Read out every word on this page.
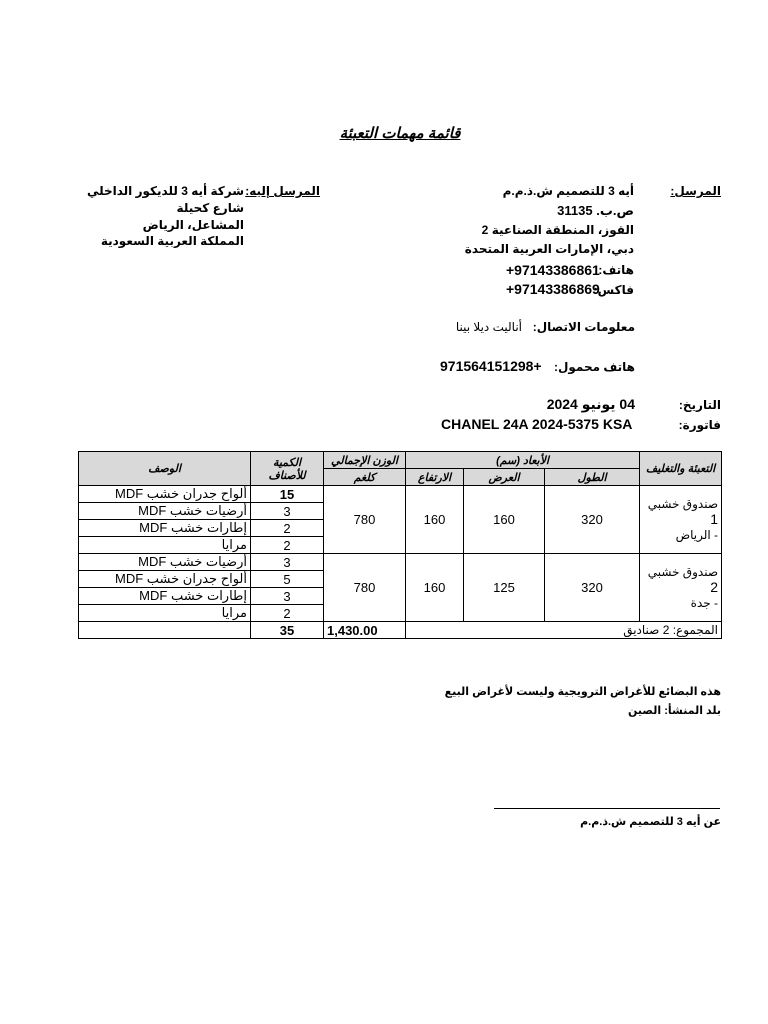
قائمة مهمات التعبئة
المرسل:
أيه 3 للتصميم ش.ذ.م.م
ص.ب. 31135
القوز، المنطقة الصناعية 2
دبي، الإمارات العربية المتحدة
هاتف:
+97143386861
فاكس:
+97143386869
المرسل إليه:
شركة أيه 3 للديكور الداخلي
شارع كحيلة
المشاعل، الرياض
المملكة العربية السعودية
معلومات الاتصال:
أناليت ديلا بينا
هاتف محمول:
971564151298+
التاريخ:
04 يونيو 2024
فاتورة:
CHANEL 24A 2024-5375 KSA
التعبئة والتغليف	الأبعاد (سم)			الوزن الإجمالي	الكمية للأصناف	الوصف
	الطول	العرض	الارتفاع	كلغم		

صندوق خشبي 1
- الرياض	320	160	160	780	15	ألواح جدران خشب MDF
					3	أرضيات خشب MDF
					2	إطارات خشب MDF
					2	مرايا

صندوق خشبي 2
- جدة	320	125	160	780	3	أرضيات خشب MDF
					5	ألواح جدران خشب MDF
					3	إطارات خشب MDF
					2	مرايا
المجموع: 2 صناديق				1,430.00	35	
هذه البضائع للأغراض الترويجية وليست لأغراض البيع
بلد المنشأ: الصين
عن أيه 3 للتصميم ش.ذ.م.م
